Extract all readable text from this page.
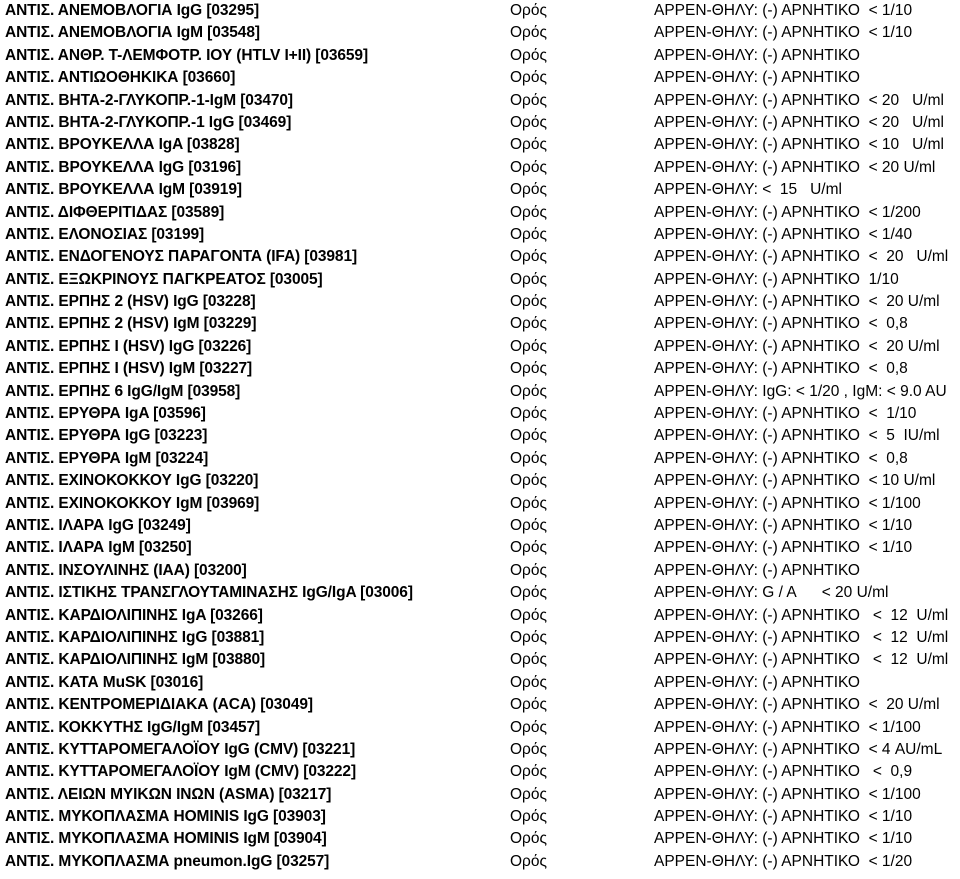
ΑΝΤΙΣ. ΑΝΕΜΟΒΛΟΓΙΑ IgG [03295]	Ορός	ΑΡΡΕΝ-ΘΗΛΥ: (-) ΑΡΝΗΤΙΚΟ  < 1/10
ΑΝΤΙΣ. ΑΝΕΜΟΒΛΟΓΙΑ IgM [03548]	Ορός	ΑΡΡΕΝ-ΘΗΛΥ: (-) ΑΡΝΗΤΙΚΟ  < 1/10
ΑΝΤΙΣ. ΑΝΘΡ. Τ-ΛΕΜΦΟΤΡ. ΙΟΥ (HTLV I+II) [03659]	Ορός	ΑΡΡΕΝ-ΘΗΛΥ: (-) ΑΡΝΗΤΙΚΟ
ΑΝΤΙΣ. ΑΝΤΙΩΟΘΗΚΙΚΑ [03660]	Ορός	ΑΡΡΕΝ-ΘΗΛΥ: (-) ΑΡΝΗΤΙΚΟ
ΑΝΤΙΣ. ΒΗΤΑ-2-ΓΛΥΚΟΠΡ.-1-IgM [03470]	Ορός	ΑΡΡΕΝ-ΘΗΛΥ: (-) ΑΡΝΗΤΙΚΟ  < 20   U/ml
ΑΝΤΙΣ. ΒΗΤΑ-2-ΓΛΥΚΟΠΡ.-1 IgG [03469]	Ορός	ΑΡΡΕΝ-ΘΗΛΥ: (-) ΑΡΝΗΤΙΚΟ  < 20   U/ml
ΑΝΤΙΣ. ΒΡΟΥΚΕΛΛΑ IgA [03828]	Ορός	ΑΡΡΕΝ-ΘΗΛΥ: (-) ΑΡΝΗΤΙΚΟ  < 10   U/ml
ΑΝΤΙΣ. ΒΡΟΥΚΕΛΛΑ IgG [03196]	Ορός	ΑΡΡΕΝ-ΘΗΛΥ: (-) ΑΡΝΗΤΙΚΟ  < 20 U/ml
ΑΝΤΙΣ. ΒΡΟΥΚΕΛΛΑ IgM [03919]	Ορός	ΑΡΡΕΝ-ΘΗΛΥ: <  15   U/ml
ΑΝΤΙΣ. ΔΙΦΘΕΡΙΤΙΔΑΣ [03589]	Ορός	ΑΡΡΕΝ-ΘΗΛΥ: (-) ΑΡΝΗΤΙΚΟ  < 1/200
ΑΝΤΙΣ. ΕΛΟΝΟΣΙΑΣ [03199]	Ορός	ΑΡΡΕΝ-ΘΗΛΥ: (-) ΑΡΝΗΤΙΚΟ  < 1/40
ΑΝΤΙΣ. ΕΝΔΟΓΕΝΟΥΣ ΠΑΡΑΓΟΝΤΑ (IFA) [03981]	Ορός	ΑΡΡΕΝ-ΘΗΛΥ: (-) ΑΡΝΗΤΙΚΟ  <  20   U/ml
ΑΝΤΙΣ. ΕΞΩΚΡΙΝΟΥΣ ΠΑΓΚΡΕΑΤΟΣ [03005]	Ορός	ΑΡΡΕΝ-ΘΗΛΥ: (-) ΑΡΝΗΤΙΚΟ  1/10
ΑΝΤΙΣ. ΕΡΠΗΣ 2 (HSV) IgG [03228]	Ορός	ΑΡΡΕΝ-ΘΗΛΥ: (-) ΑΡΝΗΤΙΚΟ  <  20 U/ml
ΑΝΤΙΣ. ΕΡΠΗΣ 2 (HSV) IgM [03229]	Ορός	ΑΡΡΕΝ-ΘΗΛΥ: (-) ΑΡΝΗΤΙΚΟ  <  0,8
ΑΝΤΙΣ. ΕΡΠΗΣ Ι (HSV) IgG [03226]	Ορός	ΑΡΡΕΝ-ΘΗΛΥ: (-) ΑΡΝΗΤΙΚΟ  <  20 U/ml
ΑΝΤΙΣ. ΕΡΠΗΣ Ι (HSV) IgM [03227]	Ορός	ΑΡΡΕΝ-ΘΗΛΥ: (-) ΑΡΝΗΤΙΚΟ  <  0,8
ΑΝΤΙΣ. ΕΡΠΗΣ 6 IgG/IgM [03958]	Ορός	ΑΡΡΕΝ-ΘΗΛΥ: IgG: < 1/20 , IgM: < 9.0 AU
ΑΝΤΙΣ. ΕΡΥΘΡΑ IgA [03596]	Ορός	ΑΡΡΕΝ-ΘΗΛΥ: (-) ΑΡΝΗΤΙΚΟ  <  1/10
ΑΝΤΙΣ. ΕΡΥΘΡΑ IgG [03223]	Ορός	ΑΡΡΕΝ-ΘΗΛΥ: (-) ΑΡΝΗΤΙΚΟ  <  5  IU/ml
ΑΝΤΙΣ. ΕΡΥΘΡΑ IgM [03224]	Ορός	ΑΡΡΕΝ-ΘΗΛΥ: (-) ΑΡΝΗΤΙΚΟ  <  0,8
ΑΝΤΙΣ. ΕΧΙΝΟΚΟΚΚΟΥ IgG [03220]	Ορός	ΑΡΡΕΝ-ΘΗΛΥ: (-) ΑΡΝΗΤΙΚΟ  < 10 U/ml
ΑΝΤΙΣ. ΕΧΙΝΟΚΟΚΚΟΥ IgM [03969]	Ορός	ΑΡΡΕΝ-ΘΗΛΥ: (-) ΑΡΝΗΤΙΚΟ  < 1/100
ΑΝΤΙΣ. ΙΛΑΡΑ IgG [03249]	Ορός	ΑΡΡΕΝ-ΘΗΛΥ: (-) ΑΡΝΗΤΙΚΟ  < 1/10
ΑΝΤΙΣ. ΙΛΑΡΑ IgM [03250]	Ορός	ΑΡΡΕΝ-ΘΗΛΥ: (-) ΑΡΝΗΤΙΚΟ  < 1/10
ΑΝΤΙΣ. ΙΝΣΟΥΛΙΝΗΣ (IAA) [03200]	Ορός	ΑΡΡΕΝ-ΘΗΛΥ: (-) ΑΡΝΗΤΙΚΟ
ΑΝΤΙΣ. ΙΣΤΙΚΗΣ ΤΡΑΝΣΓΛΟΥΤΑΜΙΝΑΣΗΣ IgG/IgA [03006]	Ορός	ΑΡΡΕΝ-ΘΗΛΥ: G / A      < 20 U/ml
ΑΝΤΙΣ. ΚΑΡΔΙΟΛΙΠΙΝΗΣ IgA [03266]	Ορός	ΑΡΡΕΝ-ΘΗΛΥ: (-) ΑΡΝΗΤΙΚΟ   <  12  U/ml
ΑΝΤΙΣ. ΚΑΡΔΙΟΛΙΠΙΝΗΣ IgG [03881]	Ορός	ΑΡΡΕΝ-ΘΗΛΥ: (-) ΑΡΝΗΤΙΚΟ   <  12  U/ml
ΑΝΤΙΣ. ΚΑΡΔΙΟΛΙΠΙΝΗΣ IgM [03880]	Ορός	ΑΡΡΕΝ-ΘΗΛΥ: (-) ΑΡΝΗΤΙΚΟ   <  12  U/ml
ΑΝΤΙΣ. ΚΑΤΑ MuSK [03016]	Ορός	ΑΡΡΕΝ-ΘΗΛΥ: (-) ΑΡΝΗΤΙΚΟ
ΑΝΤΙΣ. ΚΕΝΤΡΟΜΕΡΙΔΙΑΚΑ (ACA) [03049]	Ορός	ΑΡΡΕΝ-ΘΗΛΥ: (-) ΑΡΝΗΤΙΚΟ  <  20 U/ml
ΑΝΤΙΣ. ΚΟΚΚΥΤΗΣ IgG/IgM [03457]	Ορός	ΑΡΡΕΝ-ΘΗΛΥ: (-) ΑΡΝΗΤΙΚΟ  < 1/100
ΑΝΤΙΣ. ΚΥΤΤΑΡΟΜΕΓΑΛΟΪΟΥ IgG (CMV) [03221]	Ορός	ΑΡΡΕΝ-ΘΗΛΥ: (-) ΑΡΝΗΤΙΚΟ  < 4 AU/mL
ΑΝΤΙΣ. ΚΥΤΤΑΡΟΜΕΓΑΛΟΪΟΥ IgM (CMV) [03222]	Ορός	ΑΡΡΕΝ-ΘΗΛΥ: (-) ΑΡΝΗΤΙΚΟ   <  0,9
ΑΝΤΙΣ. ΛΕΙΩΝ ΜΥΙΚΩΝ ΙΝΩΝ (ASMA) [03217]	Ορός	ΑΡΡΕΝ-ΘΗΛΥ: (-) ΑΡΝΗΤΙΚΟ  < 1/100
ΑΝΤΙΣ. ΜΥΚΟΠΛΑΣΜΑ HOMINIS IgG [03903]	Ορός	ΑΡΡΕΝ-ΘΗΛΥ: (-) ΑΡΝΗΤΙΚΟ  < 1/10
ΑΝΤΙΣ. ΜΥΚΟΠΛΑΣΜΑ HOMINIS IgM [03904]	Ορός	ΑΡΡΕΝ-ΘΗΛΥ: (-) ΑΡΝΗΤΙΚΟ  < 1/10
ΑΝΤΙΣ. ΜΥΚΟΠΛΑΣΜΑ pneumon.IgG [03257]	Ορός	ΑΡΡΕΝ-ΘΗΛΥ: (-) ΑΡΝΗΤΙΚΟ  < 1/20
